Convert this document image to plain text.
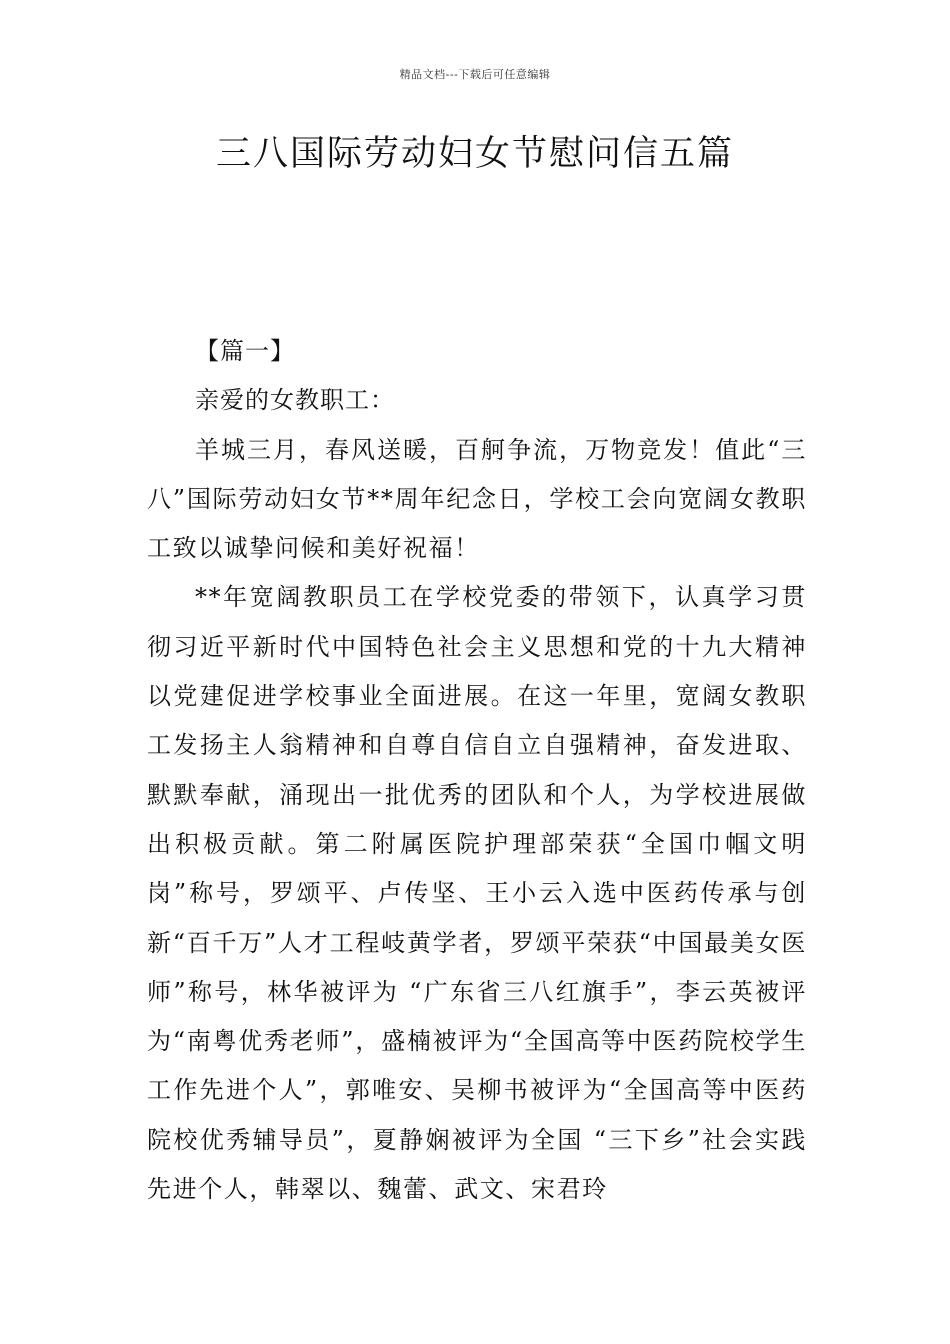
精品文档---下载后可任意编辑
三八国际劳动妇女节慰问信五篇

【篇一】

亲爱的女教职工：

羊城三月，春风送暖，百舸争流，万物竞发！值此“三八”国际劳动妇女节**周年纪念日，学校工会向宽阔女教职工致以诚挚问候和美好祝福！

**年宽阔教职员工在学校党委的带领下，认真学习贯彻习近平新时代中国特色社会主义思想和党的十九大精神以党建促进学校事业全面进展。在这一年里，宽阔女教职工发扬主人翁精神和自尊自信自立自强精神，奋发进取、默默奉献，涌现出一批优秀的团队和个人，为学校进展做出积极贡献。第二附属医院护理部荣获“全国巾帼文明岗”称号，罗颂平、卢传坚、王小云入选中医药传承与创新“百千万”人才工程岐黄学者，罗颂平荣获“中国最美女医师”称号，林华被评为 “广东省三八红旗手”，李云英被评为“南粤优秀老师”，盛楠被评为“全国高等中医药院校学生工作先进个人”，郭唯安、吴柳书被评为“全国高等中医药院校优秀辅导员”，夏静娴被评为全国 “三下乡”社会实践先进个人，韩翠以、魏蕾、武文、宋君玲
